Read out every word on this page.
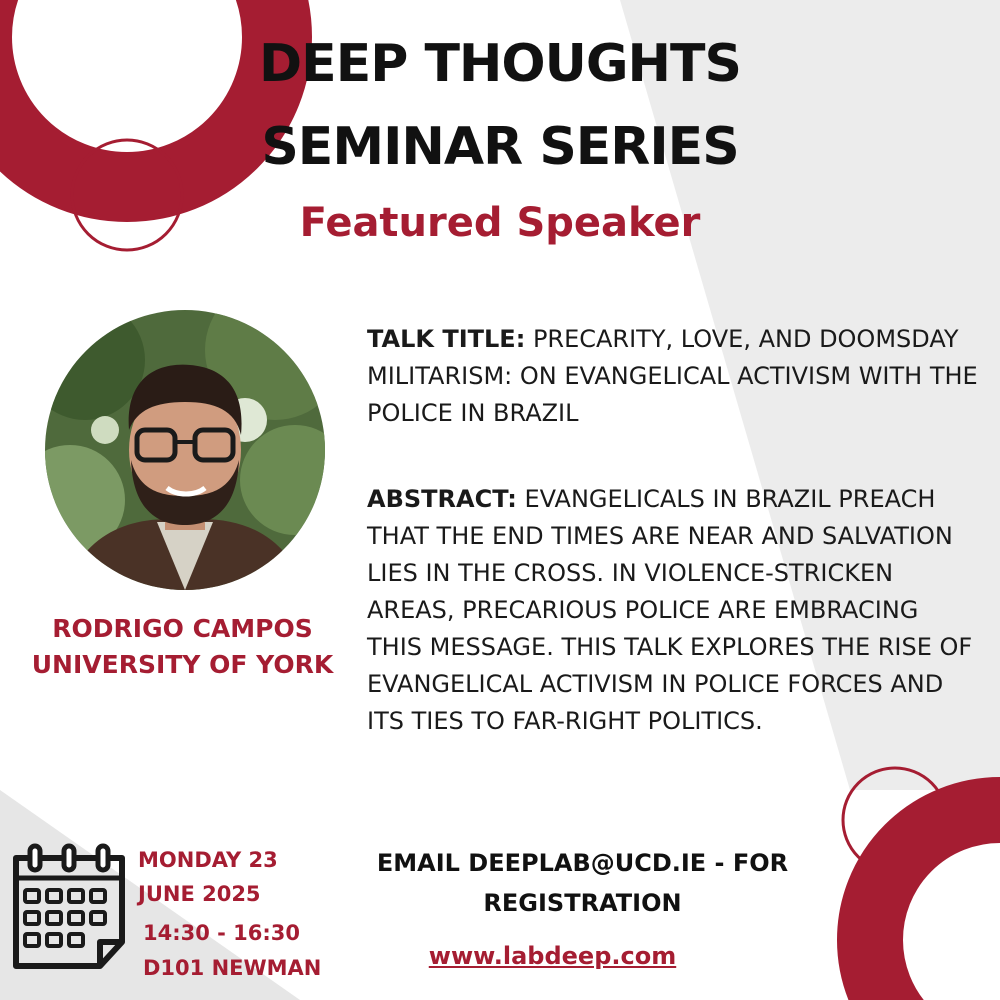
DEEP THOUGHTS
SEMINAR SERIES
Featured Speaker
RODRIGO CAMPOS
UNIVERSITY OF YORK
TALK TITLE: PRECARITY, LOVE, AND DOOMSDAY MILITARISM: ON EVANGELICAL ACTIVISM WITH THE POLICE IN BRAZIL
ABSTRACT: EVANGELICALS IN BRAZIL PREACH THAT THE END TIMES ARE NEAR AND SALVATION LIES IN THE CROSS. IN VIOLENCE-STRICKEN AREAS, PRECARIOUS POLICE ARE EMBRACING THIS MESSAGE. THIS TALK EXPLORES THE RISE OF EVANGELICAL ACTIVISM IN POLICE FORCES AND ITS TIES TO FAR-RIGHT POLITICS.
MONDAY 23
JUNE 2025
14:30 - 16:30
D101 NEWMAN
EMAIL DEEPLAB@UCD.IE - FOR
REGISTRATION
www.labdeep.com
